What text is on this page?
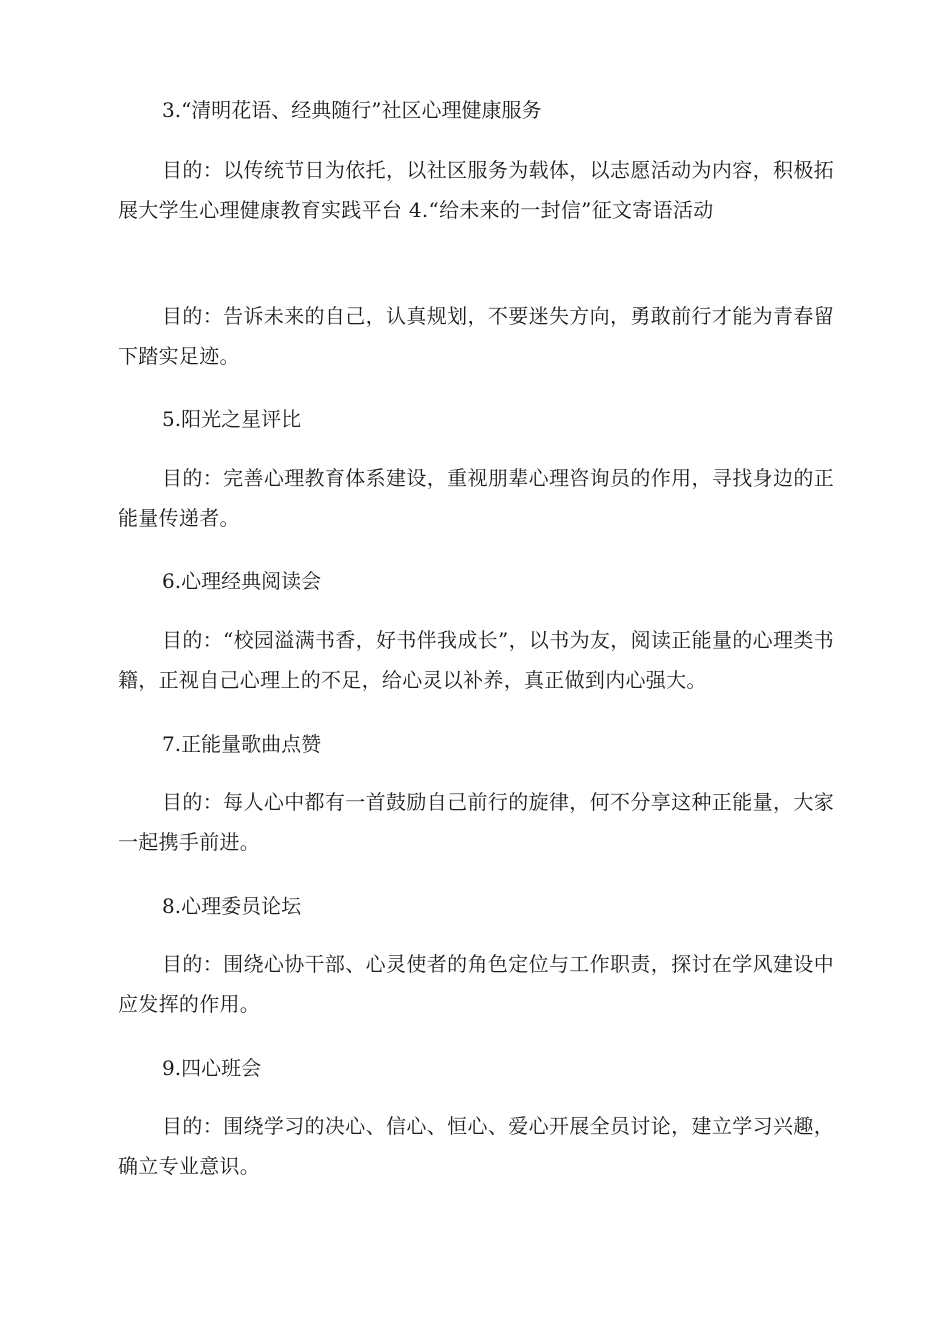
3.“清明花语、经典随行”社区心理健康服务
目的：以传统节日为依托，以社区服务为载体，以志愿活动为内容，积极拓展大学生心理健康教育实践平台 4.“给未来的一封信”征文寄语活动
目的：告诉未来的自己，认真规划，不要迷失方向，勇敢前行才能为青春留下踏实足迹。
5.阳光之星评比
目的：完善心理教育体系建设，重视朋辈心理咨询员的作用，寻找身边的正能量传递者。
6.心理经典阅读会
目的：“校园溢满书香，好书伴我成长”，以书为友，阅读正能量的心理类书籍，正视自己心理上的不足，给心灵以补养，真正做到内心强大。
7.正能量歌曲点赞
目的：每人心中都有一首鼓励自己前行的旋律，何不分享这种正能量，大家一起携手前进。
8.心理委员论坛
目的：围绕心协干部、心灵使者的角色定位与工作职责，探讨在学风建设中应发挥的作用。
9.四心班会
目的：围绕学习的决心、信心、恒心、爱心开展全员讨论，建立学习兴趣，确立专业意识。
